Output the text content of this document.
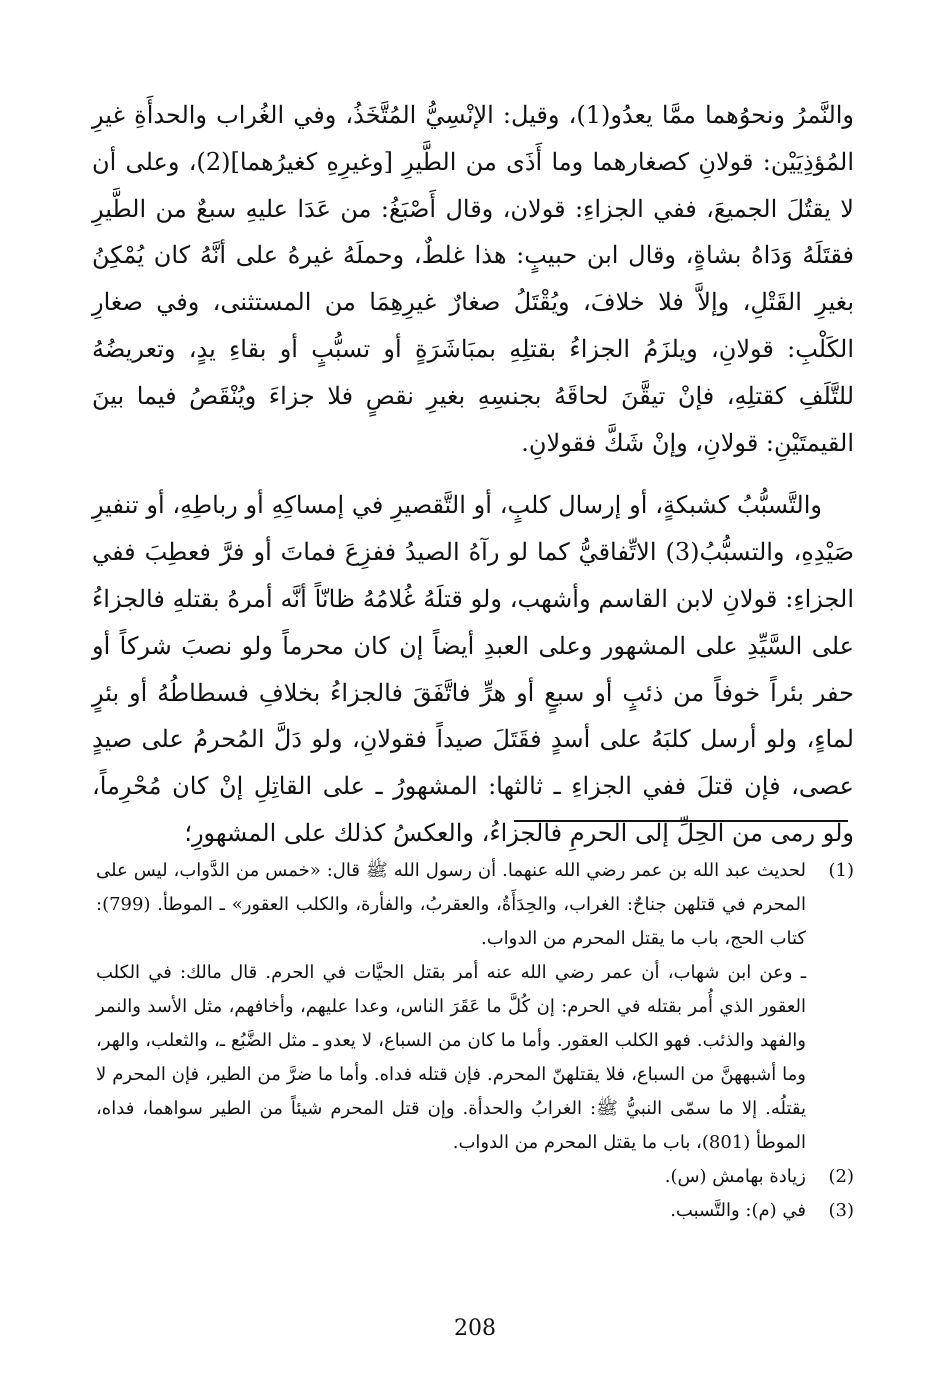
والنَّمرُ ونحوُهما ممَّا يعدُو(1)، وقيل: الإنْسِيُّ المُتَّخَذُ، وفي الغُراب والحدأَةِ غيرِ المُؤذِيَيْن: قولانِ كصغارهما وما أَذَى من الطَّيرِ [وغيرِهِ كغيرُهما](2)، وعلى أن لا يقتُلَ الجميعَ، ففي الجزاءِ: قولان، وقال أَصْبَغُ: من عَدَا عليهِ سبعٌ من الطَّيرِ فقتَلَهُ وَدَاهُ بشاةٍ، وقال ابن حبيبٍ: هذا غلطٌ، وحملَهُ غيرهُ على أنَّهُ كان يُمْكِنُ بغيرِ القَتْلِ، وإلاَّ فلا خلافَ، ويُقْتَلُ صغارٌ غيرِهِمَا من المستثنى، وفي صغارِ الكَلْبِ: قولانِ، ويلزَمُ الجزاءُ بقتلِهِ بمبَاشَرَةٍ أو تسبُّبٍ أو بقاءِ يدٍ، وتعريضُهُ للتَّلَفِ كقتلِهِ، فإنْ تيقَّنَ لحاقَهُ بجنسِهِ بغيرِ نقصٍ فلا جزاءَ ويُنْقَصُ فيما بينَ القيمتَيْنِ: قولانِ، وإنْ شَكَّ فقولانِ.

والتَّسبُّبُ كشبكةٍ، أو إرسال كلبٍ، أو التَّقصيرِ في إمساكِهِ أو رباطِهِ، أو تنفيرِ صَيْدِهِ، والتسبُّبُ(3) الاتِّفاقيُّ كما لو رآهُ الصيدُ ففزِعَ فماتَ أو فرَّ فعطِبَ ففي الجزاءِ: قولانِ لابن القاسم وأشهب، ولو قتلَهُ غُلامُهُ ظانّاً أنَّه أمرهُ بقتلهِ فالجزاءُ على السَّيِّدِ على المشهور وعلى العبدِ أيضاً إن كان محرماً ولو نصبَ شركاً أو حفر بئراً خوفاً من ذئبٍ أو سبعٍ أو هرٍّ فاتَّفَقَ فالجزاءُ بخلافِ فسطاطُهُ أو بئرٍ لماءٍ، ولو أرسل كلبَهُ على أسدٍ فقَتَلَ صيداً فقولانِ، ولو دَلَّ المُحرمُ على صيدٍ عصى، فإن قتلَ ففي الجزاءِ ـ ثالثها: المشهورُ ـ على القاتِلِ إنْ كان مُحْرِماً، ولو رمى من الحِلِّ إلى الحرمِ فالجزاءُ، والعكسُ كذلك على المشهورِ؛

(1)

لحديث عبد الله بن عمر رضي الله عنهما. أن رسول الله ﷺ قال: «خمس من الدَّواب، ليس على المحرم في قتلهن جناحٌ: الغراب، والحِدَأَةُ، والعقربُ، والفأرة، والكلب العقور» ـ الموطأ. (799): كتاب الحج، باب ما يقتل المحرم من الدواب.

ـ وعن ابن شهاب، أن عمر رضي الله عنه أمر بقتل الحيَّات في الحرم. قال مالك: في الكلب العقور الذي أُمر بقتله في الحرم: إن كُلَّ ما عَقَرَ الناس، وعدا عليهم، وأخافهم، مثل الأسد والنمر والفهد والذئب. فهو الكلب العقور. وأما ما كان من السباع، لا يعدو ـ مثل الضَّبُع ـ، والثعلب، والهر، وما أشبههنَّ من السباع، فلا يقتلهنّ المحرم. فإن قتله فداه. وأما ما ضرَّ من الطير، فإن المحرم لا يقتلُه. إلا ما سمّى النبيُّ ﷺ: الغرابُ والحدأة. وإن قتل المحرم شيئاً من الطير سواهما، فداه، الموطأ (801)، باب ما يقتل المحرم من الدواب.

(2)

زيادة بهامش (س).

(3)

في (م): والتَّسبب.

208
